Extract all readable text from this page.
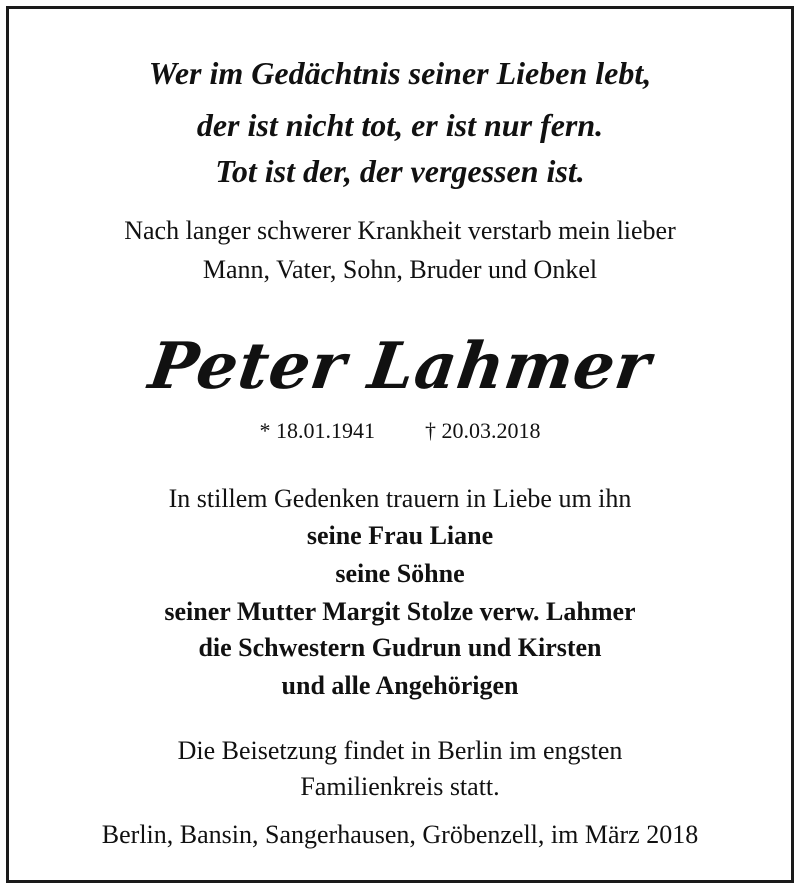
Wer im Gedächtnis seiner Lieben lebt,
der ist nicht tot, er ist nur fern.
Tot ist der, der vergessen ist.
Nach langer schwerer Krankheit verstarb mein lieber
Mann, Vater, Sohn, Bruder und Onkel
Peter Lahmer
* 18.01.1941 † 20.03.2018
In stillem Gedenken trauern in Liebe um ihn
seine Frau Liane
seine Söhne
seiner Mutter Margit Stolze verw. Lahmer
die Schwestern Gudrun und Kirsten
und alle Angehörigen
Die Beisetzung findet in Berlin im engsten
Familienkreis statt.
Berlin, Bansin, Sangerhausen, Gröbenzell, im März 2018
